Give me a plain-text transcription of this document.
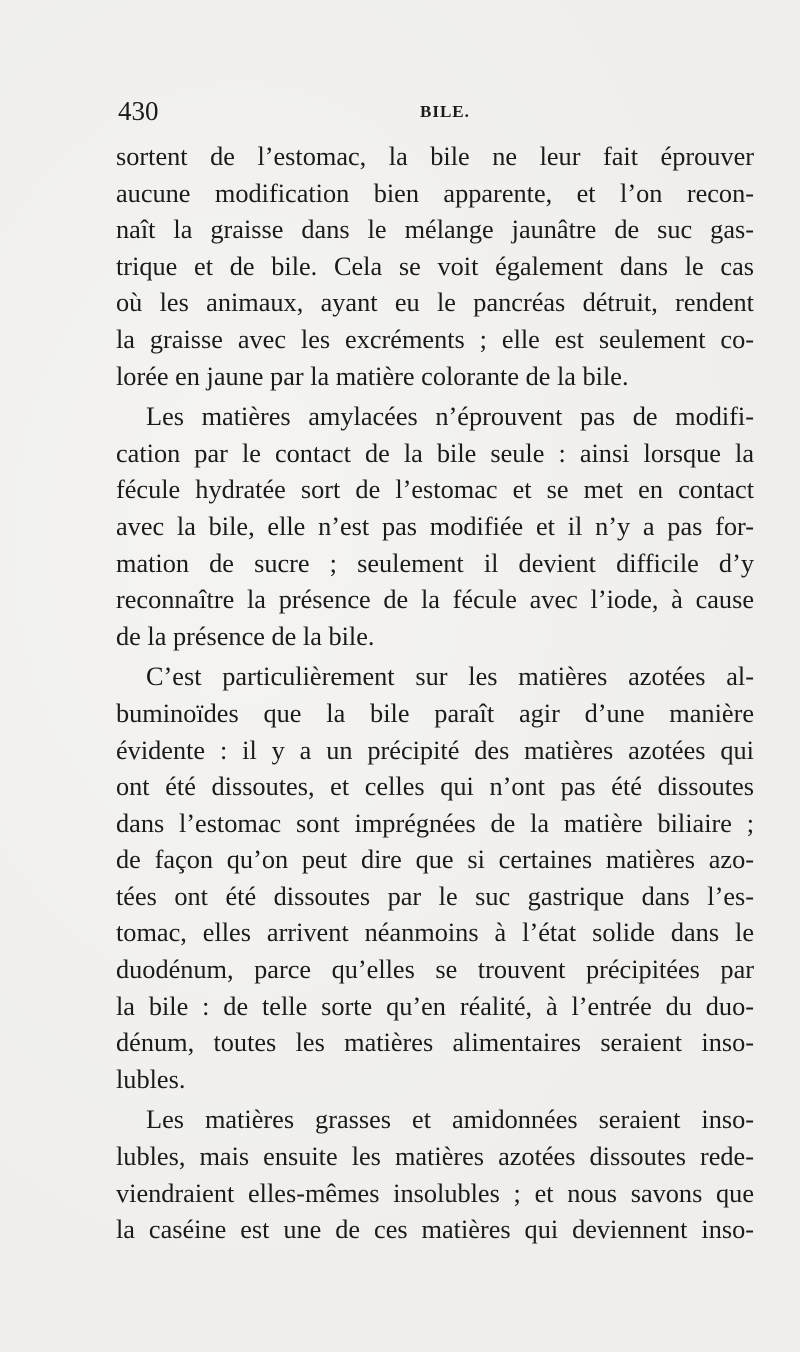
430	BILE.
sortent de l’estomac, la bile ne leur fait éprouver
aucune modification bien apparente, et l’on recon-
naît la graisse dans le mélange jaunâtre de suc gas-
trique et de bile. Cela se voit également dans le cas
où les animaux, ayant eu le pancréas détruit, rendent
la graisse avec les excréments ; elle est seulement co-
lorée en jaune par la matière colorante de la bile.
Les matières amylacées n’éprouvent pas de modifi-
cation par le contact de la bile seule : ainsi lorsque la
fécule hydratée sort de l’estomac et se met en contact
avec la bile, elle n’est pas modifiée et il n’y a pas for-
mation de sucre ; seulement il devient difficile d’y
reconnaître la présence de la fécule avec l’iode, à cause
de la présence de la bile.
C’est particulièrement sur les matières azotées al-
buminoïdes que la bile paraît agir d’une manière
évidente : il y a un précipité des matières azotées qui
ont été dissoutes, et celles qui n’ont pas été dissoutes
dans l’estomac sont imprégnées de la matière biliaire ;
de façon qu’on peut dire que si certaines matières azo-
tées ont été dissoutes par le suc gastrique dans l’es-
tomac, elles arrivent néanmoins à l’état solide dans le
duodénum, parce qu’elles se trouvent précipitées par
la bile : de telle sorte qu’en réalité, à l’entrée du duo-
dénum, toutes les matières alimentaires seraient inso-
lubles.
Les matières grasses et amidonnées seraient inso-
lubles, mais ensuite les matières azotées dissoutes rede-
viendraient elles-mêmes insolubles ; et nous savons que
la caséine est une de ces matières qui deviennent inso-
